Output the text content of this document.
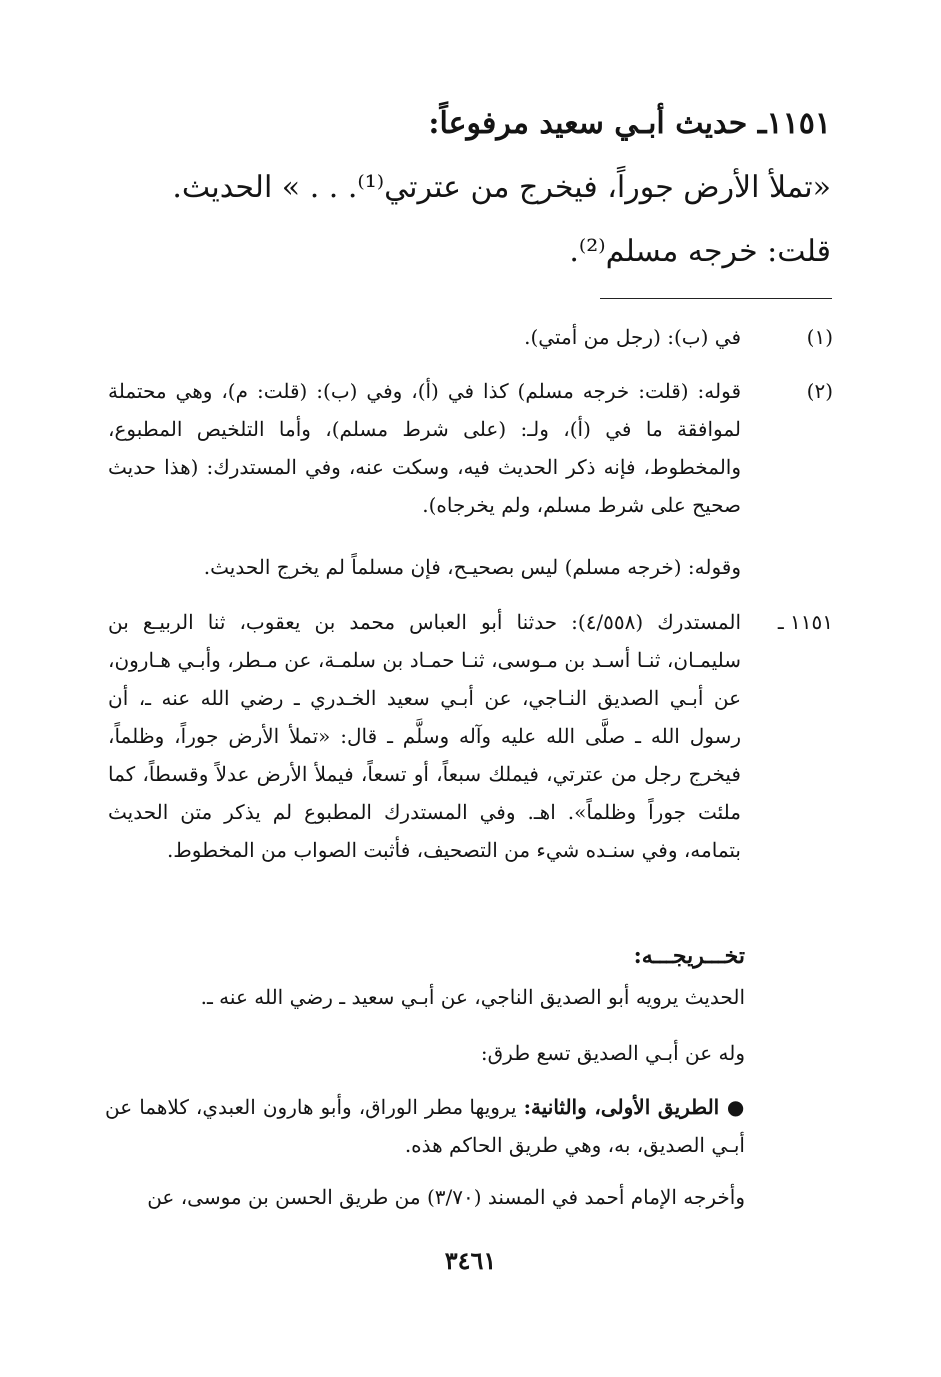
١١٥١ـ حديث أبـي سعيد مرفوعاً:
«تملأ الأرض جوراً، فيخرج من عترتي⁽¹⁾. . . » الحديث.
قلت: خرجه مسلم⁽²⁾.
(١)
في (ب): (رجل من أمتي).
(٢)
قوله: (قلت: خرجه مسلم) كذا في (أ)، وفي (ب): (قلت: م)، وهي محتملة لموافقة ما في (أ)، ولـ: (على شرط مسلم)، وأما التلخيص المطبوع، والمخطوط، فإنه ذكر الحديث فيه، وسكت عنه، وفي المستدرك: (هذا حديث صحيح على شرط مسلم، ولم يخرجاه).
وقوله: (خرجه مسلم) ليس بصحيـح، فإن مسلماً لم يخرج الحديث.
١١٥١ ـ
المستدرك (٤/٥٥٨): حدثنا أبو العباس محمد بن يعقوب، ثنا الربيـع بن سليمـان، ثنـا أسـد بن مـوسى، ثنـا حمـاد بن سلمـة، عن مـطر، وأبـي هـارون، عن أبـي الصديق النـاجي، عن أبـي سعيد الخـدري ـ رضي الله عنه ـ، أن رسول الله ـ صلَّى الله عليه وآله وسلَّم ـ قال: «تملأ الأرض جوراً، وظلماً، فيخرج رجل من عترتي، فيملك سبعاً، أو تسعاً، فيملأ الأرض عدلاً وقسطاً، كما ملئت جوراً وظلماً». اهـ. وفي المستدرك المطبوع لم يذكر متن الحديث بتمامه، وفي سنـده شيء من التصحيف، فأثبت الصواب من المخطوط.
تخـــريجـــه:
الحديث يرويه أبو الصديق الناجي، عن أبـي سعيد ـ رضي الله عنه ـ.
وله عن أبـي الصديق تسع طرق:
● الطريق الأولى، والثانية: يرويها مطر الوراق، وأبو هارون العبدي، كلاهما عن أبـي الصديق، به، وهي طريق الحاكم هذه.
وأخرجه الإمام أحمد في المسند (٣/٧٠) من طريق الحسن بن موسى، عن
٣٤٦١
